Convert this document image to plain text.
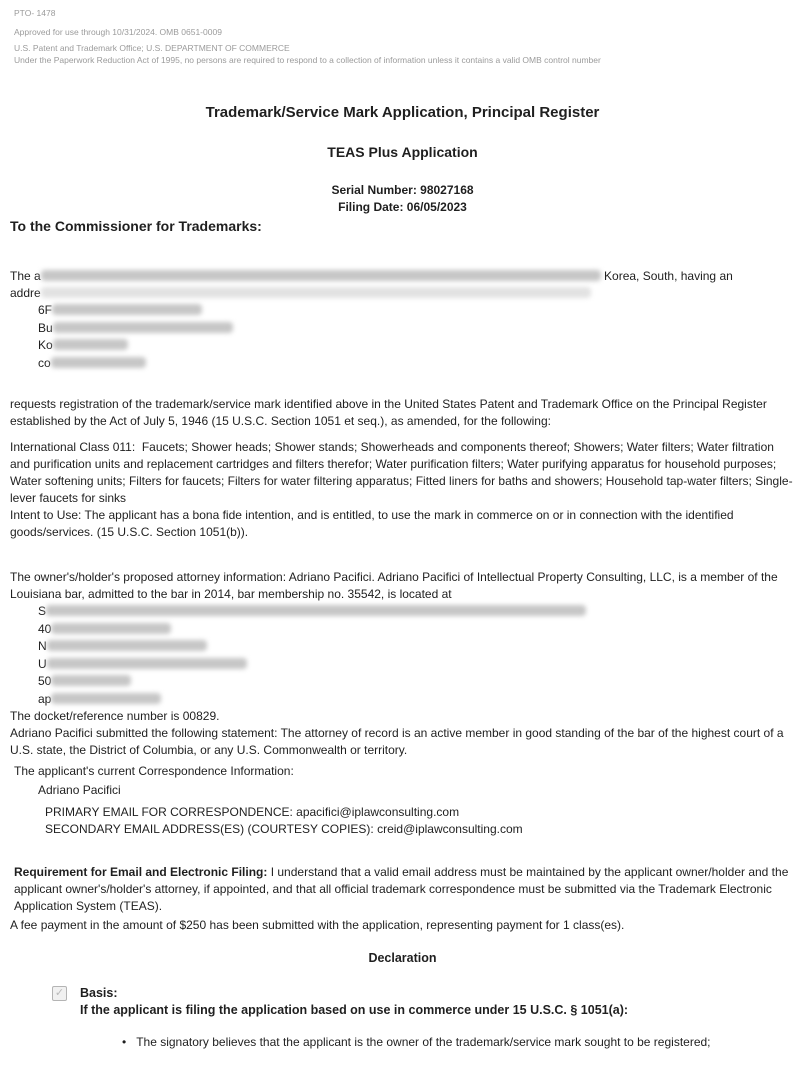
PTO- 1478
Approved for use through 10/31/2024. OMB 0651-0009
U.S. Patent and Trademark Office; U.S. DEPARTMENT OF COMMERCE
Under the Paperwork Reduction Act of 1995, no persons are required to respond to a collection of information unless it contains a valid OMB control number
Trademark/Service Mark Application, Principal Register
TEAS Plus Application
Serial Number: 98027168
Filing Date: 06/05/2023
To the Commissioner for Trademarks:
The a	Korea, South, having an
addre
6F
Bu
Ko
co

requests registration of the trademark/service mark identified above in the United States Patent and Trademark Office on the Principal Register established by the Act of July 5, 1946 (15 U.S.C. Section 1051 et seq.), as amended, for the following:

International Class 011:  Faucets; Shower heads; Shower stands; Showerheads and components thereof; Showers; Water filters; Water filtration and purification units and replacement cartridges and filters therefor; Water purification filters; Water purifying apparatus for household purposes; Water softening units; Filters for faucets; Filters for water filtering apparatus; Fitted liners for baths and showers; Household tap-water filters; Single-lever faucets for sinks

Intent to Use: The applicant has a bona fide intention, and is entitled, to use the mark in commerce on or in connection with the identified goods/services. (15 U.S.C. Section 1051(b)).

The owner's/holder's proposed attorney information: Adriano Pacifici. Adriano Pacifici of Intellectual Property Consulting, LLC, is a member of the Louisiana bar, admitted to the bar in 2014, bar membership no. 35542, is located at

S
40
N
U
50
ap

The docket/reference number is 00829.

Adriano Pacifici submitted the following statement: The attorney of record is an active member in good standing of the bar of the highest court of a U.S. state, the District of Columbia, or any U.S. Commonwealth or territory.

The applicant's current Correspondence Information:

Adriano Pacifici

PRIMARY EMAIL FOR CORRESPONDENCE: apacifici@iplawconsulting.com
SECONDARY EMAIL ADDRESS(ES) (COURTESY COPIES): creid@iplawconsulting.com

Requirement for Email and Electronic Filing: I understand that a valid email address must be maintained by the applicant owner/holder and the applicant owner's/holder's attorney, if appointed, and that all official trademark correspondence must be submitted via the Trademark Electronic Application System (TEAS).

A fee payment in the amount of $250 has been submitted with the application, representing payment for 1 class(es).

Declaration
✓ Basis:
If the applicant is filing the application based on use in commerce under 15 U.S.C. § 1051(a):
• The signatory believes that the applicant is the owner of the trademark/service mark sought to be registered;
